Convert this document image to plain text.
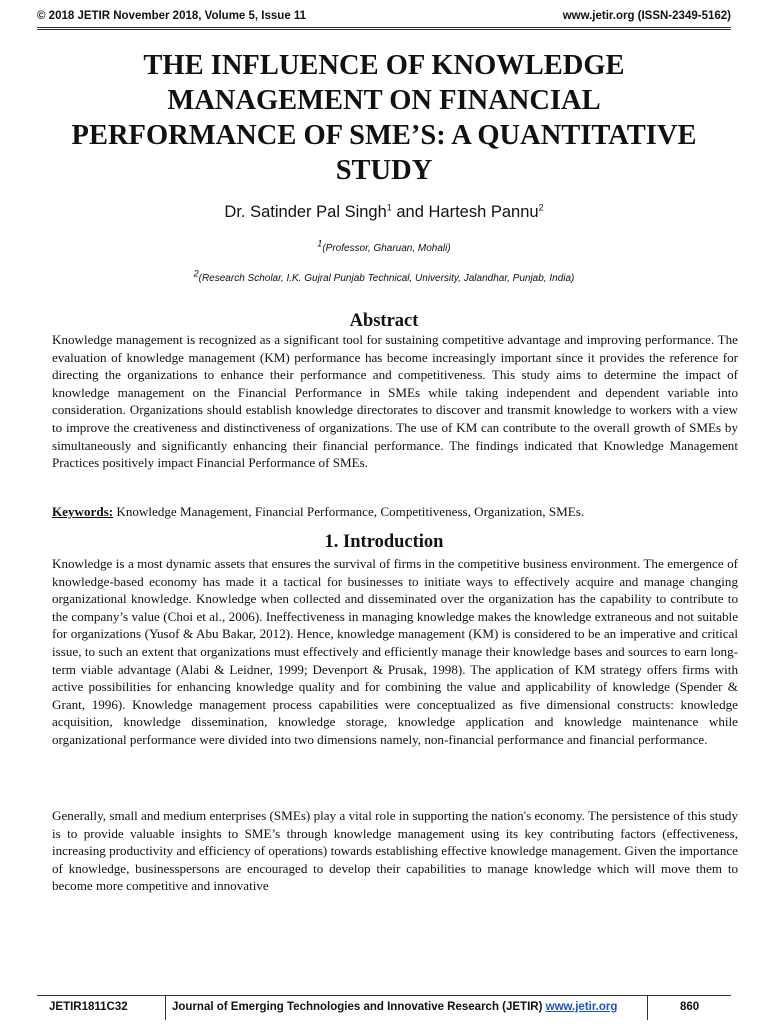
© 2018 JETIR November 2018, Volume 5, Issue 11	www.jetir.org (ISSN-2349-5162)
THE INFLUENCE OF KNOWLEDGE MANAGEMENT ON FINANCIAL PERFORMANCE OF SME’S: A QUANTITATIVE STUDY
Dr. Satinder Pal Singh$^1$ and Hartesh Pannu$^2$
$^1$(Professor, Gharuan, Mohali)
$^2$(Research Scholar, I.K. Gujral Punjab Technical, University, Jalandhar, Punjab, India)
Abstract

Knowledge management is recognized as a significant tool for sustaining competitive advantage and improving performance. The evaluation of knowledge management (KM) performance has become increasingly important since it provides the reference for directing the organizations to enhance their performance and competitiveness. This study aims to determine the impact of knowledge management on the Financial Performance in SMEs while taking independent and dependent variable into consideration. Organizations should establish knowledge directorates to discover and transmit knowledge to workers with a view to improve the creativeness and distinctiveness of organizations. The use of KM can contribute to the overall growth of SMEs by simultaneously and significantly enhancing their financial performance. The findings indicated that Knowledge Management Practices positively impact Financial Performance of SMEs.

Keywords: Knowledge Management, Financial Performance, Competitiveness, Organization, SMEs.

1. Introduction

Knowledge is a most dynamic assets that ensures the survival of firms in the competitive business environment. The emergence of knowledge-based economy has made it a tactical for businesses to initiate ways to effectively acquire and manage changing organizational knowledge. Knowledge when collected and disseminated over the organization has the capability to contribute to the company’s value (Choi et al., 2006). Ineffectiveness in managing knowledge makes the knowledge extraneous and not suitable for organizations (Yusof & Abu Bakar, 2012). Hence, knowledge management (KM) is considered to be an imperative and critical issue, to such an extent that organizations must effectively and efficiently manage their knowledge bases and sources to earn long-term viable advantage (Alabi & Leidner, 1999; Devenport & Prusak, 1998). The application of KM strategy offers firms with active possibilities for enhancing knowledge quality and for combining the value and applicability of knowledge (Spender & Grant, 1996). Knowledge management process capabilities were conceptualized as five dimensional constructs: knowledge acquisition, knowledge dissemination, knowledge storage, knowledge application and knowledge maintenance while organizational performance were divided into two dimensions namely, non-financial performance and financial performance.

Generally, small and medium enterprises (SMEs) play a vital role in supporting the nation's economy. The persistence of this study is to provide valuable insights to SME’s through knowledge management using its key contributing factors (effectiveness, increasing productivity and efficiency of operations) towards establishing effective knowledge management. Given the importance of knowledge, businesspersons are encouraged to develop their capabilities to manage knowledge which will move them to become more competitive and innovative

JETIR1811C32	Journal of Emerging Technologies and Innovative Research (JETIR) www.jetir.org	860
